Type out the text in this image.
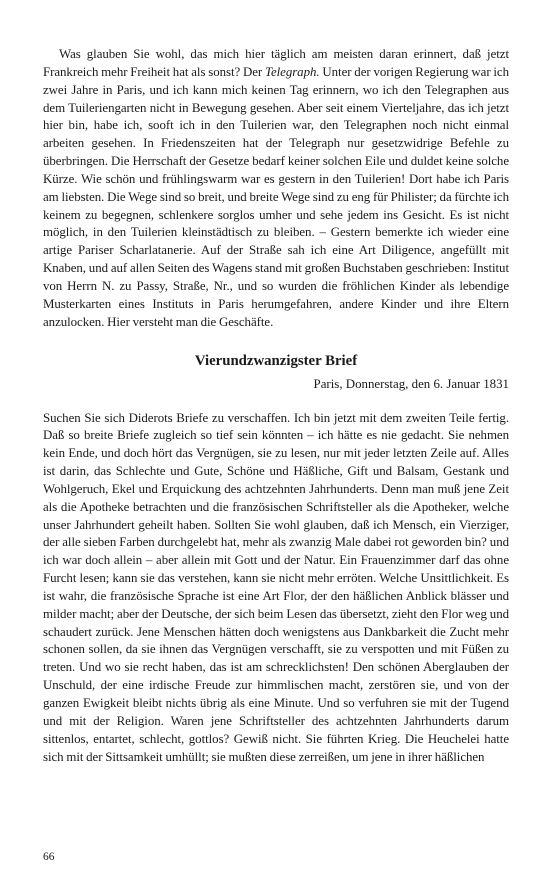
Was glauben Sie wohl, das mich hier täglich am meisten daran erinnert, daß jetzt Frankreich mehr Freiheit hat als sonst? Der Telegraph. Unter der vorigen Regierung war ich zwei Jahre in Paris, und ich kann mich keinen Tag erinnern, wo ich den Telegraphen aus dem Tuileriengarten nicht in Bewegung gesehen. Aber seit einem Vierteljahre, das ich jetzt hier bin, habe ich, sooft ich in den Tuilerien war, den Telegraphen noch nicht einmal arbeiten gesehen. In Friedenszeiten hat der Telegraph nur gesetzwidrige Befehle zu überbringen. Die Herrschaft der Gesetze bedarf keiner solchen Eile und duldet keine solche Kürze. Wie schön und frühlingswarm war es gestern in den Tuilerien! Dort habe ich Paris am liebsten. Die Wege sind so breit, und breite Wege sind zu eng für Philister; da fürchte ich keinem zu begegnen, schlenkere sorglos umher und sehe jedem ins Gesicht. Es ist nicht möglich, in den Tuilerien kleinstädtisch zu bleiben. – Gestern bemerkte ich wieder eine artige Pariser Scharlatanerie. Auf der Straße sah ich eine Art Diligence, angefüllt mit Knaben, und auf allen Seiten des Wagens stand mit großen Buchstaben geschrieben: Institut von Herrn N. zu Passy, Straße, Nr., und so wurden die fröhlichen Kinder als lebendige Musterkarten eines Instituts in Paris herumgefahren, andere Kinder und ihre Eltern anzulocken. Hier versteht man die Geschäfte.

Vierundzwanzigster Brief
Paris, Donnerstag, den 6. Januar 1831

Suchen Sie sich Diderots Briefe zu verschaffen. Ich bin jetzt mit dem zweiten Teile fertig. Daß so breite Briefe zugleich so tief sein könnten – ich hätte es nie gedacht. Sie nehmen kein Ende, und doch hört das Vergnügen, sie zu lesen, nur mit jeder letzten Zeile auf. Alles ist darin, das Schlechte und Gute, Schöne und Häßliche, Gift und Balsam, Gestank und Wohlgeruch, Ekel und Erquickung des achtzehnten Jahrhunderts. Denn man muß jene Zeit als die Apotheke betrachten und die französischen Schriftsteller als die Apotheker, welche unser Jahrhundert geheilt haben. Sollten Sie wohl glauben, daß ich Mensch, ein Vierziger, der alle sieben Farben durchgelebt hat, mehr als zwanzig Male dabei rot geworden bin? und ich war doch allein – aber allein mit Gott und der Natur. Ein Frauenzimmer darf das ohne Furcht lesen; kann sie das verstehen, kann sie nicht mehr erröten. Welche Unsittlichkeit. Es ist wahr, die französische Sprache ist eine Art Flor, der den häßlichen Anblick blässer und milder macht; aber der Deutsche, der sich beim Lesen das übersetzt, zieht den Flor weg und schaudert zurück. Jene Menschen hätten doch wenigstens aus Dankbarkeit die Zucht mehr schonen sollen, da sie ihnen das Vergnügen verschafft, sie zu verspotten und mit Füßen zu treten. Und wo sie recht haben, das ist am schrecklichsten! Den schönen Aberglauben der Unschuld, der eine irdische Freude zur himmlischen macht, zerstören sie, und von der ganzen Ewigkeit bleibt nichts übrig als eine Minute. Und so verfuhren sie mit der Tugend und mit der Religion. Waren jene Schriftsteller des achtzehnten Jahrhunderts darum sittenlos, entartet, schlecht, gottlos? Gewiß nicht. Sie führten Krieg. Die Heuchelei hatte sich mit der Sittsamkeit umhüllt; sie mußten diese zerreißen, um jene in ihrer häßlichen

66
